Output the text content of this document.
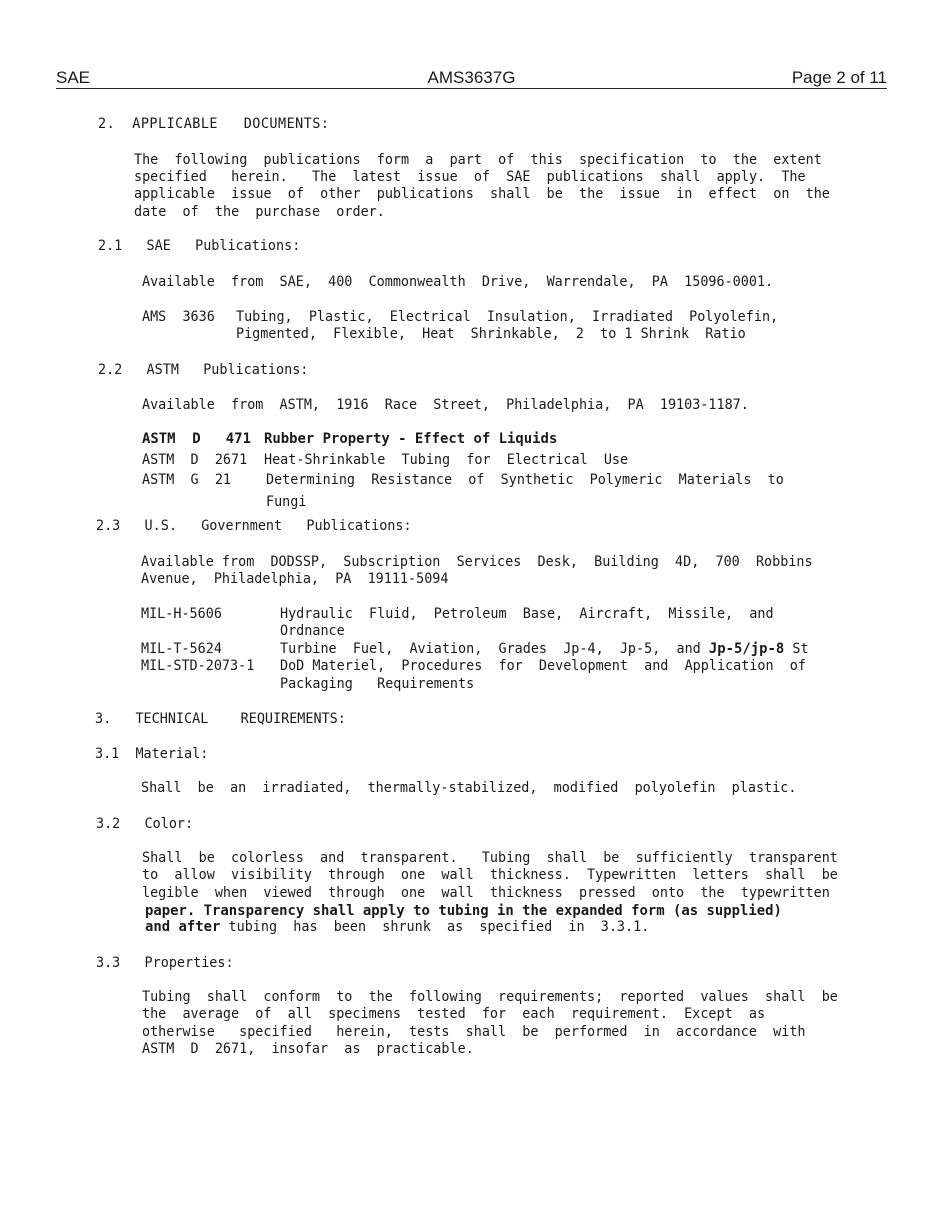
SAE	AMS3637G	Page 2 of 11
2.  APPLICABLE   DOCUMENTS:
The  following  publications  form  a  part  of  this  specification  to  the  extent
specified   herein.   The  latest  issue  of  SAE  publications  shall  apply.  The
applicable  issue  of  other  publications  shall  be  the  issue  in  effect  on  the
date  of  the  purchase  order.
2.1   SAE   Publications:
Available  from  SAE,  400  Commonwealth  Drive,  Warrendale,  PA  15096-0001.
AMS  3636 Tubing,  Plastic,  Electrical  Insulation,  Irradiated  Polyolefin,
Pigmented,  Flexible,  Heat  Shrinkable,  2  to 1 Shrink  Ratio
2.2   ASTM   Publications:
Available  from  ASTM,  1916  Race  Street,  Philadelphia,  PA  19103-1187.
ASTM  D   471 Rubber Property - Effect of Liquids
ASTM  D  2671 Heat-Shrinkable  Tubing  for  Electrical  Use
ASTM  G  21 Determining  Resistance  of  Synthetic  Polymeric  Materials  to
Fungi
2.3   U.S.   Government   Publications:
Available from  DODSSP,  Subscription  Services  Desk,  Building  4D,  700  Robbins
Avenue,  Philadelphia,  PA  19111-5094
MIL-H-5606	Hydraulic  Fluid,  Petroleum  Base,  Aircraft,  Missile,  and
Ordnance
MIL-T-5624	Turbine  Fuel,  Aviation,  Grades  Jp-4,  Jp-5,  and Jp-5/jp-8 St
MIL-STD-2073-1 DoD Materiel,  Procedures  for  Development  and  Application  of
Packaging   Requirements
3.   TECHNICAL    REQUIREMENTS:
3.1  Material:
Shall  be  an  irradiated,  thermally-stabilized,  modified  polyolefin  plastic.
3.2   Color:
Shall  be  colorless  and  transparent.   Tubing  shall  be  sufficiently  transparent
to  allow  visibility  through  one  wall  thickness.  Typewritten  letters  shall  be
legible  when  viewed  through  one  wall  thickness  pressed  onto  the  typewritten
paper. Transparency shall apply to tubing in the expanded form (as supplied)
and after tubing  has  been  shrunk  as  specified  in  3.3.1.
3.3   Properties:
Tubing  shall  conform  to  the  following  requirements;  reported  values  shall  be
the  average  of  all  specimens  tested  for  each  requirement.  Except  as
otherwise   specified   herein,  tests  shall  be  performed  in  accordance  with
ASTM  D  2671,  insofar  as  practicable.
